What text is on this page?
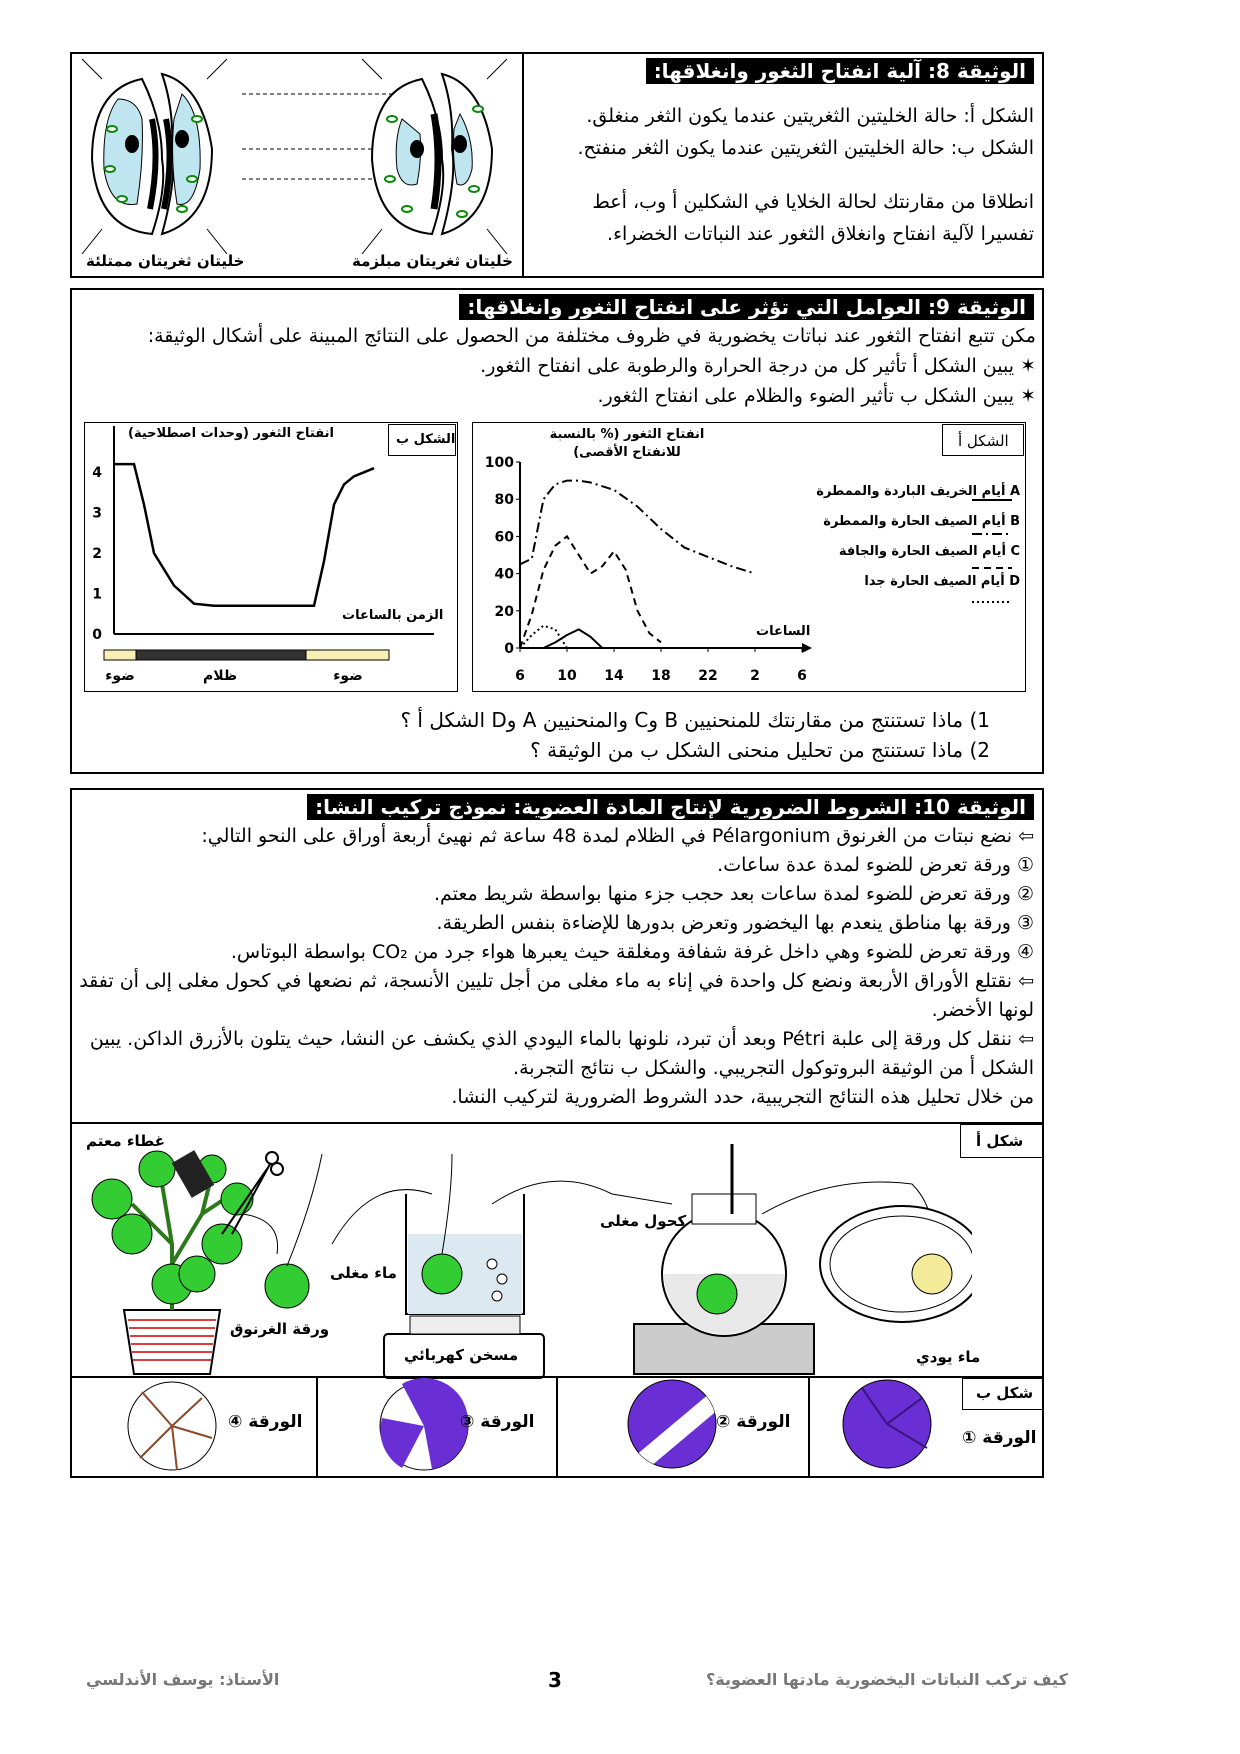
الوثيقة 8: آلية انفتاح الثغور وانغلاقها:
الشكل أ: حالة الخليتين الثغريتين عندما يكون الثغر منغلق.
الشكل ب: حالة الخليتين الثغريتين عندما يكون الثغر منفتح.
انطلاقا من مقارنتك لحالة الخلايا في الشكلين أ وب، أعط
تفسيرا لآلية انفتاح وانغلاق الثغور عند النباتات الخضراء.
خليتان ثغريتان مبلزمة
خليتان ثغريتان ممتلئة
الوثيقة 9: العوامل التي تؤثر على انفتاح الثغور وانغلاقها:
مكن تتبع انفتاح الثغور عند نباتات يخضورية في ظروف مختلفة من الحصول على النتائج المبينة على أشكال الوثيقة:
✶ يبين الشكل أ تأثير كل من درجة الحرارة والرطوبة على انفتاح الثغور.
✶ يبين الشكل ب تأثير الضوء والظلام على انفتاح الثغور.
0
1
2
3
4
ضوء	ظلام	ضوء
الشكل ب
انفتاح الثغور (وحدات اصطلاحية)
الزمن بالساعات
0
20
40
60
80
100
6 10 14 18 22 2	6
الشكل أ
انفتاح الثغور (% بالنسبة للانفتاح الأقصى)
الساعات
A أيام الخريف الباردة والممطرة
B أيام الصيف الحارة والممطرة
C أيام الصيف الحارة والجافة
D أيام الصيف الحارة جدا
1) ماذا تستنتج من مقارنتك للمنحنيين B وC والمنحنيين A وD الشكل أ ؟
2) ماذا تستنتج من تحليل منحنى الشكل ب من الوثيقة ؟
الوثيقة 10: الشروط الضرورية لإنتاج المادة العضوية: نموذج تركيب النشا:
⇦ نضع نبتات من الغرنوق Pélargonium في الظلام لمدة 48 ساعة ثم نهيئ أربعة أوراق على النحو التالي:
① ورقة تعرض للضوء لمدة عدة ساعات.
② ورقة تعرض للضوء لمدة ساعات بعد حجب جزء منها بواسطة شريط معتم.
③ ورقة بها مناطق ينعدم بها اليخضور وتعرض بدورها للإضاءة بنفس الطريقة.
④ ورقة تعرض للضوء وهي داخل غرفة شفافة ومغلقة حيث يعبرها هواء جرد من CO₂ بواسطة البوتاس.
⇦ نقتلع الأوراق الأربعة ونضع كل واحدة في إناء به ماء مغلى من أجل تليين الأنسجة، ثم نضعها في كحول مغلى إلى أن تفقد لونها الأخضر.
⇦ ننقل كل ورقة إلى علبة Pétri وبعد أن تبرد، نلونها بالماء اليودي الذي يكشف عن النشا، حيث يتلون بالأزرق الداكن. يبين الشكل أ من الوثيقة البروتوكول التجريبي. والشكل ب نتائج التجربة.
من خلال تحليل هذه النتائج التجريبية، حدد الشروط الضرورية لتركيب النشا.
شكل أ
غطاء معتم
ورقة الغرنوق
ماء مغلى
مسخن كهربائي
كحول مغلى
ماء يودي
شكل ب
الورقة ④	الورقة ③	الورقة ②
الورقة ①
الأستاذ: يوسف الأندلسي	3	كيف تركب النباتات اليخضورية مادتها العضوية؟
